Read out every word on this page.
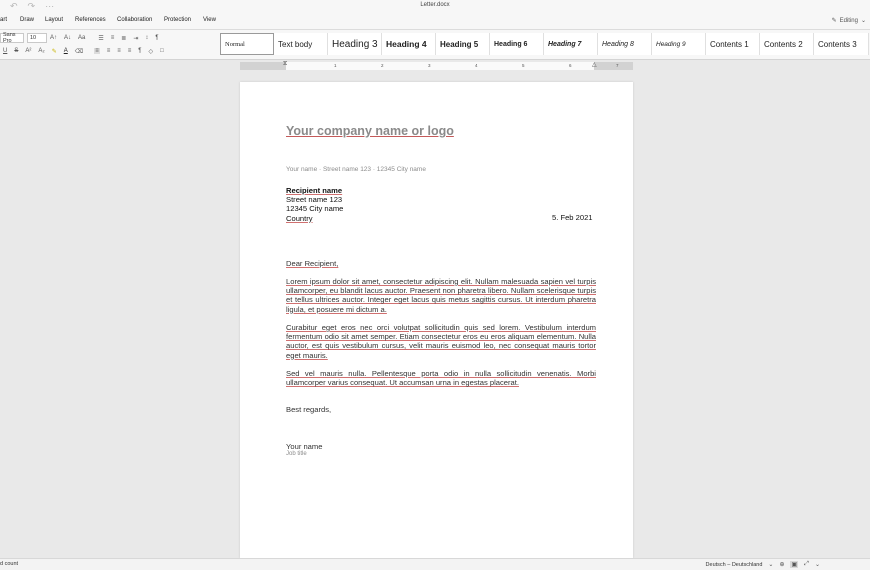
↶ ↷ ⋯	Letter.docx
art Draw Layout References Collaboration Protection View	✎ Editing ⌄
Sans Pro	10	A↑ A↓ Aa ☰ ≡ ≣ ⇥ ↕ ¶
U S A² A₂ ✎ A ⌫ ≡ ≡ ≡ ≡ ¶ ◇ □
Normal	Text body	Heading 3 Heading 4	Heading 5	Heading 6	Heading 7	Heading 8	Heading 9	Contents 1	Contents 2	Contents 3
1	2	3	4	5	6	7
⧖	△
Your company name or logo
Your name · Street name 123 · 12345 City name
Recipient name
Street name 123
12345 City name
Country	5. Feb 2021
Dear Recipient,
Lorem ipsum dolor sit amet, consectetur adipiscing elit. Nullam malesuada sapien vel turpis ullamcorper, eu blandit lacus auctor. Praesent non pharetra libero. Nullam scelerisque turpis et tellus ultrices auctor. Integer eget lacus quis metus sagittis cursus. Ut interdum pharetra ligula, et posuere mi dictum a.
Curabitur eget eros nec orci volutpat sollicitudin quis sed lorem. Vestibulum interdum fermentum odio sit amet semper. Etiam consectetur eros eu eros aliquam elementum. Nulla auctor, est quis vestibulum cursus, velit mauris euismod leo, nec consequat mauris tortor eget mauris.
Sed vel mauris nulla. Pellentesque porta odio in nulla sollicitudin venenatis. Morbi ullamcorper varius consequat. Ut accumsan urna in egestas placerat.
Best regards,
Your name
Job title
d count	Deutsch – Deutschland ⌄ ⊕ ▣ ⤢ ⌄
